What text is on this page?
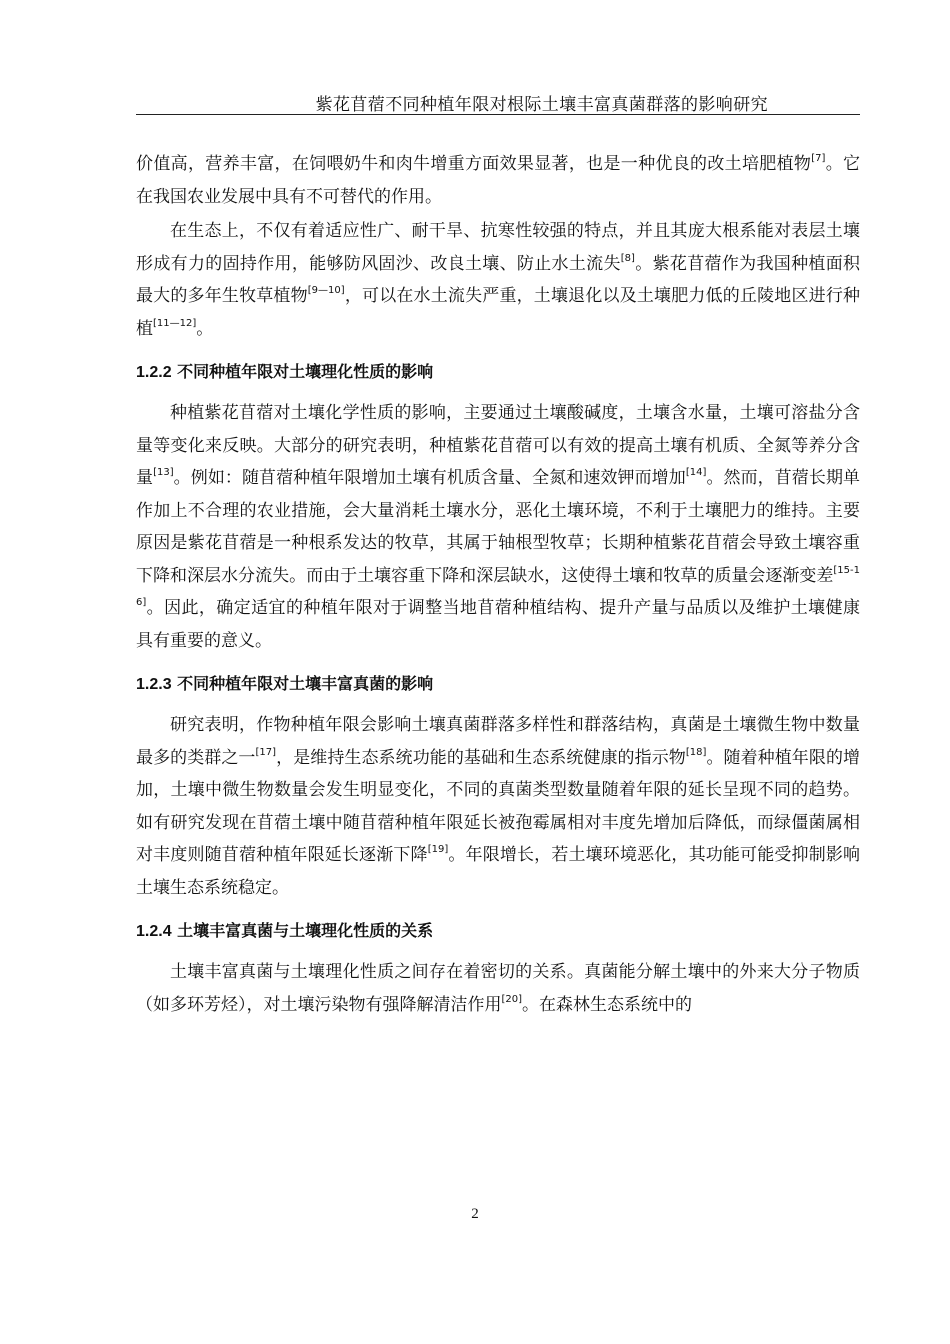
紫花苜蓿不同种植年限对根际土壤丰富真菌群落的影响研究

价值高，营养丰富，在饲喂奶牛和肉牛增重方面效果显著，也是一种优良的改土培肥植物[7]。它在我国农业发展中具有不可替代的作用。

在生态上，不仅有着适应性广、耐干旱、抗寒性较强的特点，并且其庞大根系能对表层土壤形成有力的固持作用，能够防风固沙、改良土壤、防止水土流失[8]。紫花苜蓿作为我国种植面积最大的多年生牧草植物[9—10]，可以在水土流失严重，土壤退化以及土壤肥力低的丘陵地区进行种植[11—12]。

1.2.2 不同种植年限对土壤理化性质的影响

种植紫花苜蓿对土壤化学性质的影响，主要通过土壤酸碱度，土壤含水量，土壤可溶盐分含量等变化来反映。大部分的研究表明，种植紫花苜蓿可以有效的提高土壤有机质、全氮等养分含量[13]。例如：随苜蓿种植年限增加土壤有机质含量、全氮和速效钾而增加[14]。然而，苜蓿长期单作加上不合理的农业措施，会大量消耗土壤水分，恶化土壤环境，不利于土壤肥力的维持。主要原因是紫花苜蓿是一种根系发达的牧草，其属于轴根型牧草；长期种植紫花苜蓿会导致土壤容重下降和深层水分流失。而由于土壤容重下降和深层缺水，这使得土壤和牧草的质量会逐渐变差[15-16]。因此，确定适宜的种植年限对于调整当地苜蓿种植结构、提升产量与品质以及维护土壤健康具有重要的意义。

1.2.3 不同种植年限对土壤丰富真菌的影响

研究表明，作物种植年限会影响土壤真菌群落多样性和群落结构，真菌是土壤微生物中数量最多的类群之一[17]，是维持生态系统功能的基础和生态系统健康的指示物[18]。随着种植年限的增加，土壤中微生物数量会发生明显变化，不同的真菌类型数量随着年限的延长呈现不同的趋势。如有研究发现在苜蓿土壤中随苜蓿种植年限延长被孢霉属相对丰度先增加后降低，而绿僵菌属相对丰度则随苜蓿种植年限延长逐渐下降[19]。年限增长，若土壤环境恶化，其功能可能受抑制影响土壤生态系统稳定。

1.2.4 土壤丰富真菌与土壤理化性质的关系

土壤丰富真菌与土壤理化性质之间存在着密切的关系。真菌能分解土壤中的外来大分子物质（如多环芳烃），对土壤污染物有强降解清洁作用[20]。在森林生态系统中的

2
